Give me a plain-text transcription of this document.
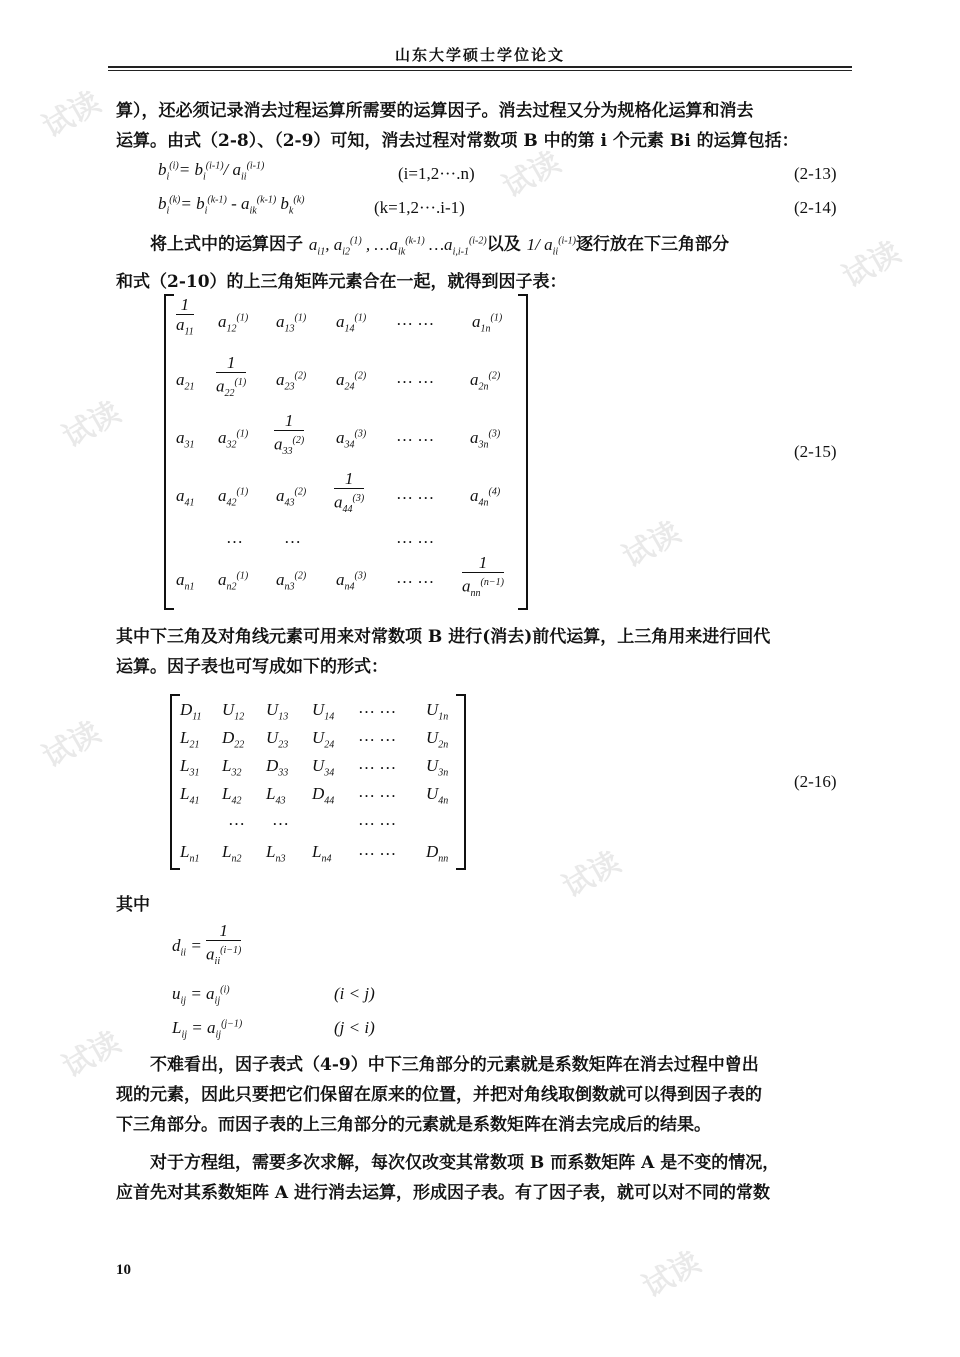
试读
试读
试读
试读
试读
试读
试读
试读
试读
山东大学硕士学位论文

算），还必须记录消去过程运算所需要的运算因子。消去过程又分为规格化运算和消去

运算。由式（2-8）、（2-9）可知，消去过程对常数项 B 中的第 i 个元素 Bi 的运算包括：

$b_i^{(i)}= b_i^{(i-1)}/$ $a_{ii}^{(i-1)}$	(i=1,2···.n)	(2-13)
$b_i^{(k)}= b_i^{(k-1)} - a_{ik}^{(k-1)}$ $b_k^{(k)}$	(k=1,2···.i-1)	(2-14)

将上式中的运算因子 $a_{i1}$, $a_{i2}^{(1)}$ , $\dots a_{ik}^{(k-1)}$ $\dots a_{i,i-1}^{(i-2)}$以及 1/ $a_{ii}^{(i-1)}$逐行放在下三角部分

和式（2-10）的上三角矩阵元素合在一起，就得到因子表：

$\frac{1}{a_{11}} a_{12}^{(1)}$ $a_{13}^{(1)}$ $a_{14}^{(1)}$ … … $a_{1n}^{(1)}$
$a_{21} \frac{1}{a_{22}^{(1)}} a_{23}^{(2)}$ $a_{24}^{(2)}$ … … $a_{2n}^{(2)}$
$a_{31}$ $a_{32}^{(1)} \frac{1}{a_{33}^{(2)}} a_{34}^{(3)}$ … … $a_{3n}^{(3)}$
$a_{41}$ $a_{42}^{(1)}$ $a_{43}^{(2)} \frac{1}{a_{44}^{(3)}}$ … … $a_{4n}^{(4)}$
… …	… …
$a_{n1}$ $a_{n2}^{(1)}$ $a_{n3}^{(2)}$ $a_{n4}^{(3)}$ … … $\frac{1}{a_{nn}^{(n-1)}}$
(2-15)

其中下三角及对角线元素可用来对常数项 B 进行(消去)前代运算，上三角用来进行回代

运算。因子表也可写成如下的形式：

$D_{11}$ $U_{12}$ $U_{13}$ $U_{14}$ … … $U_{1n}$
$L_{21}$ $D_{22}$ $U_{23}$ $U_{24}$ … … $U_{2n}$
$L_{31}$ $L_{32}$ $D_{33}$ $U_{34}$ … … $U_{3n}$
$L_{41}$ $L_{42}$ $L_{43}$ $D_{44}$ … … $U_{4n}$
… …	… …
$L_{n1}$ $L_{n2}$ $L_{n3}$ $L_{n4}$ … … $D_{nn}$
(2-16)
其中
$d_{ii} = \frac{1}{a_{ii}^{(i-1)}}$
$u_{ij} = a_{ij}^{(i)}$	(i < j)
$L_{ij} = a_{ij}^{(j-1)}$	(j < i)

不难看出，因子表式（4-9）中下三角部分的元素就是系数矩阵在消去过程中曾出

现的元素，因此只要把它们保留在原来的位置，并把对角线取倒数就可以得到因子表的

下三角部分。而因子表的上三角部分的元素就是系数矩阵在消去完成后的结果。

对于方程组，需要多次求解，每次仅改变其常数项 B 而系数矩阵 A 是不变的情况，

应首先对其系数矩阵 A 进行消去运算，形成因子表。有了因子表，就可以对不同的常数

10
